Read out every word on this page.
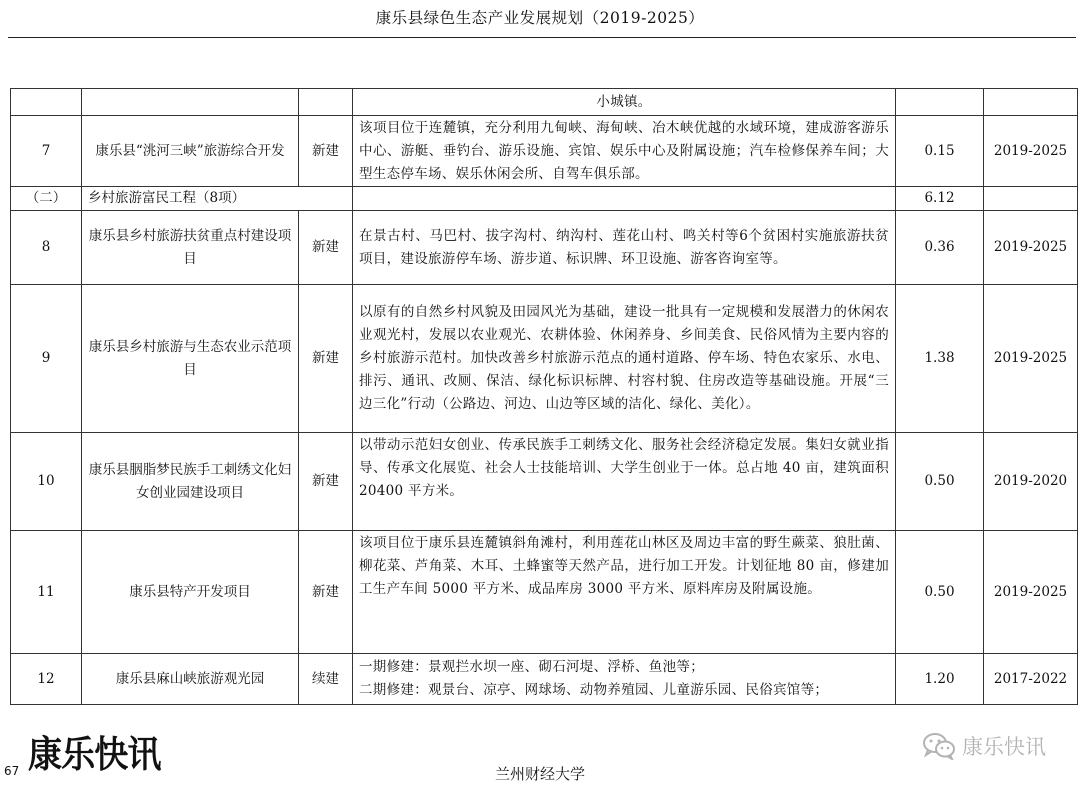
康乐县绿色生态产业发展规划（2019-2025）
			小城镇。		
7	康乐县“洮河三峡”旅游综合开发	新建	该项目位于连麓镇，充分利用九甸峡、海甸峡、冶木峡优越的水域环境，建成游客游乐中心、游艇、垂钓台、游乐设施、宾馆、娱乐中心及附属设施；汽车检修保养车间；大型生态停车场、娱乐休闲会所、自驾车俱乐部。	0.15	2019-2025
（二）	乡村旅游富民工程（8项）			6.12	
8	康乐县乡村旅游扶贫重点村建设项目	新建	在景古村、马巴村、拔字沟村、纳沟村、莲花山村、鸣关村等6个贫困村实施旅游扶贫项目，建设旅游停车场、游步道、标识牌、环卫设施、游客咨询室等。	0.36	2019-2025
9	康乐县乡村旅游与生态农业示范项目	新建	以原有的自然乡村风貌及田园风光为基础，建设一批具有一定规模和发展潜力的休闲农业观光村，发展以农业观光、农耕体验、休闲养身、乡间美食、民俗风情为主要内容的乡村旅游示范村。加快改善乡村旅游示范点的通村道路、停车场、特色农家乐、水电、排污、通讯、改厕、保洁、绿化标识标牌、村容村貌、住房改造等基础设施。开展“三边三化”行动（公路边、河边、山边等区域的洁化、绿化、美化）。	1.38	2019-2025
10	康乐县胭脂梦民族手工刺绣文化妇女创业园建设项目	新建	以带动示范妇女创业、传承民族手工刺绣文化、服务社会经济稳定发展。集妇女就业指导、传承文化展览、社会人士技能培训、大学生创业于一体。总占地 40 亩，建筑面积 20400 平方米。	0.50	2019-2020
11	康乐县特产开发项目	新建	该项目位于康乐县连麓镇斜角滩村，利用莲花山林区及周边丰富的野生蕨菜、狼肚菌、柳花菜、芦角菜、木耳、土蜂蜜等天然产品，进行加工开发。计划征地 80 亩，修建加工生产车间 5000 平方米、成品库房 3000 平方米、原料库房及附属设施。	0.50	2019-2025
12	康乐县麻山峡旅游观光园	续建	一期修建：景观拦水坝一座、砌石河堤、浮桥、鱼池等；
二期修建：观景台、凉亭、网球场、动物养殖园、儿童游乐园、民俗宾馆等；	1.20	2017-2022
67 康乐快讯	兰州财经大学
康乐快讯
